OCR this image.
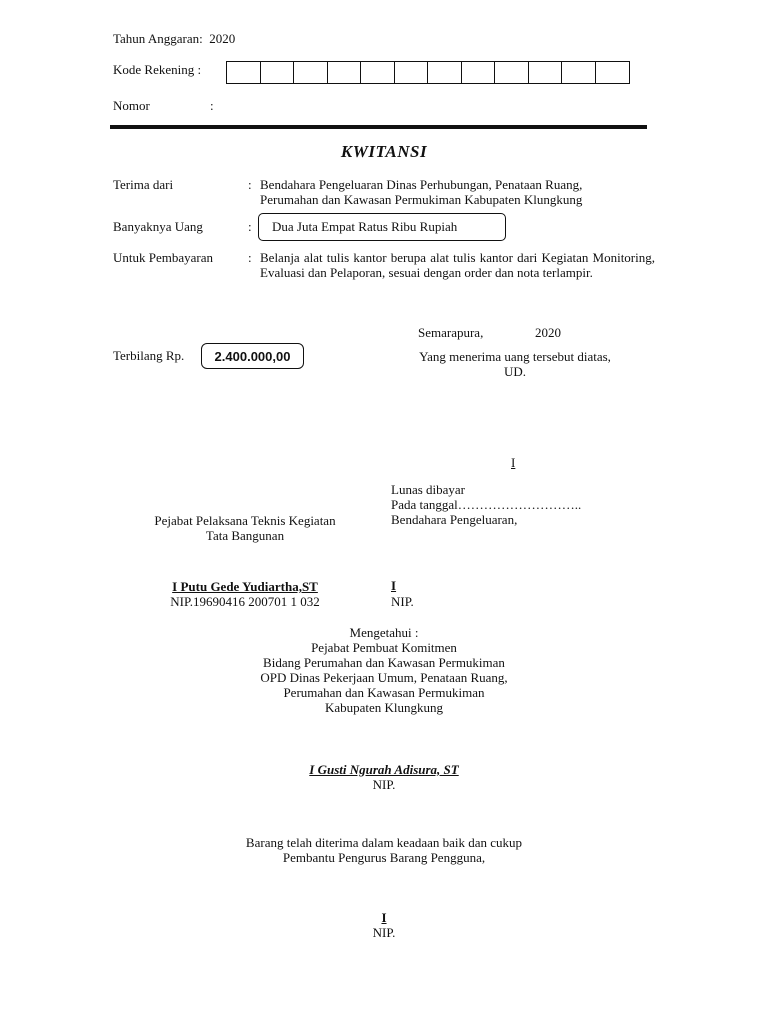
Tahun Anggaran: 2020
Kode Rekening :
Nomor	:
KWITANSI
Terima dari	: Bendahara Pengeluaran Dinas Perhubungan, Penataan Ruang,
Perumahan dan Kawasan Permukiman Kabupaten Klungkung
Banyaknya Uang	:	Dua Juta Empat Ratus Ribu Rupiah
Untuk Pembayaran	: Belanja alat tulis kantor berupa alat tulis kantor dari Kegiatan Monitoring, Evaluasi dan Pelaporan, sesuai dengan order dan nota terlampir.
Terbilang Rp.	2.400.000,00
Semarapura,	2020
Yang menerima uang tersebut diatas,
UD.
I
Lunas dibayar
Pada tanggal………………………..
Bendahara Pengeluaran,
I
NIP.
Pejabat Pelaksana Teknis Kegiatan
Tata Bangunan
I Putu Gede Yudiartha,ST
NIP.19690416 200701 1 032
Mengetahui :
Pejabat Pembuat Komitmen
Bidang Perumahan dan Kawasan Permukiman
OPD Dinas Pekerjaan Umum, Penataan Ruang,
Perumahan dan Kawasan Permukiman
Kabupaten Klungkung
I Gusti Ngurah Adisura, ST
NIP.
Barang telah diterima dalam keadaan baik dan cukup
Pembantu Pengurus Barang Pengguna,
I
NIP.
